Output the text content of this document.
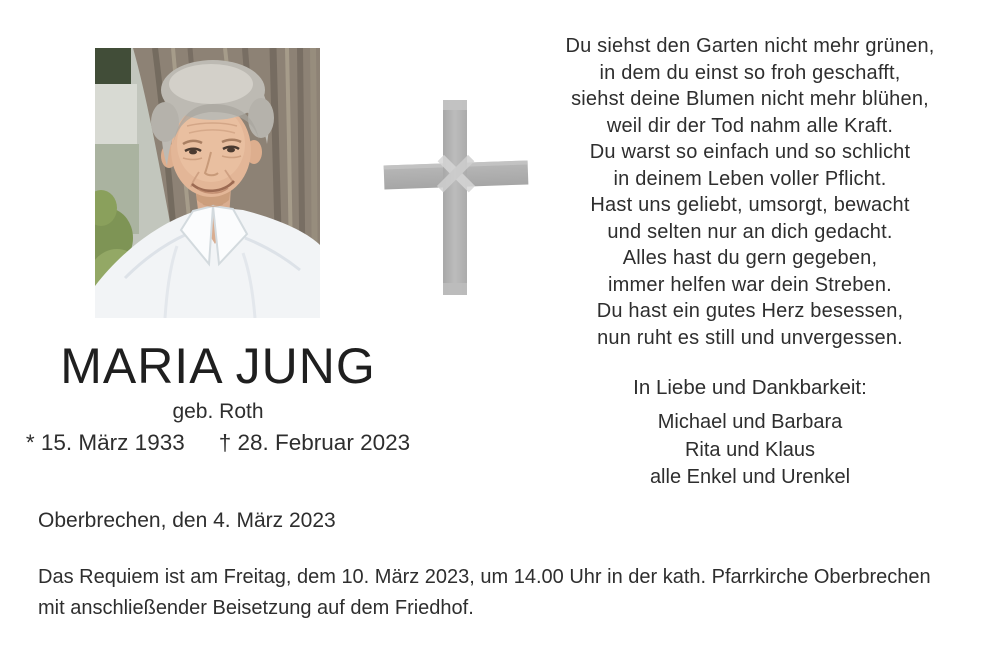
Du siehst den Garten nicht mehr grünen,
in dem du einst so froh geschafft,
siehst deine Blumen nicht mehr blühen,
weil dir der Tod nahm alle Kraft.
Du warst so einfach und so schlicht
in deinem Leben voller Pflicht.
Hast uns geliebt, umsorgt, bewacht
und selten nur an dich gedacht.
Alles hast du gern gegeben,
immer helfen war dein Streben.
Du hast ein gutes Herz besessen,
nun ruht es still und unvergessen.
In Liebe und Dankbarkeit:
Michael und Barbara
Rita und Klaus
alle Enkel und Urenkel
MARIA JUNG
geb. Roth
* 15. März 1933 † 28. Februar 2023
Oberbrechen, den 4. März 2023
Das Requiem ist am Freitag, dem 10. März 2023, um 14.00 Uhr in der kath. Pfarrkirche Oberbrechen
mit anschließender Beisetzung auf dem Friedhof.
